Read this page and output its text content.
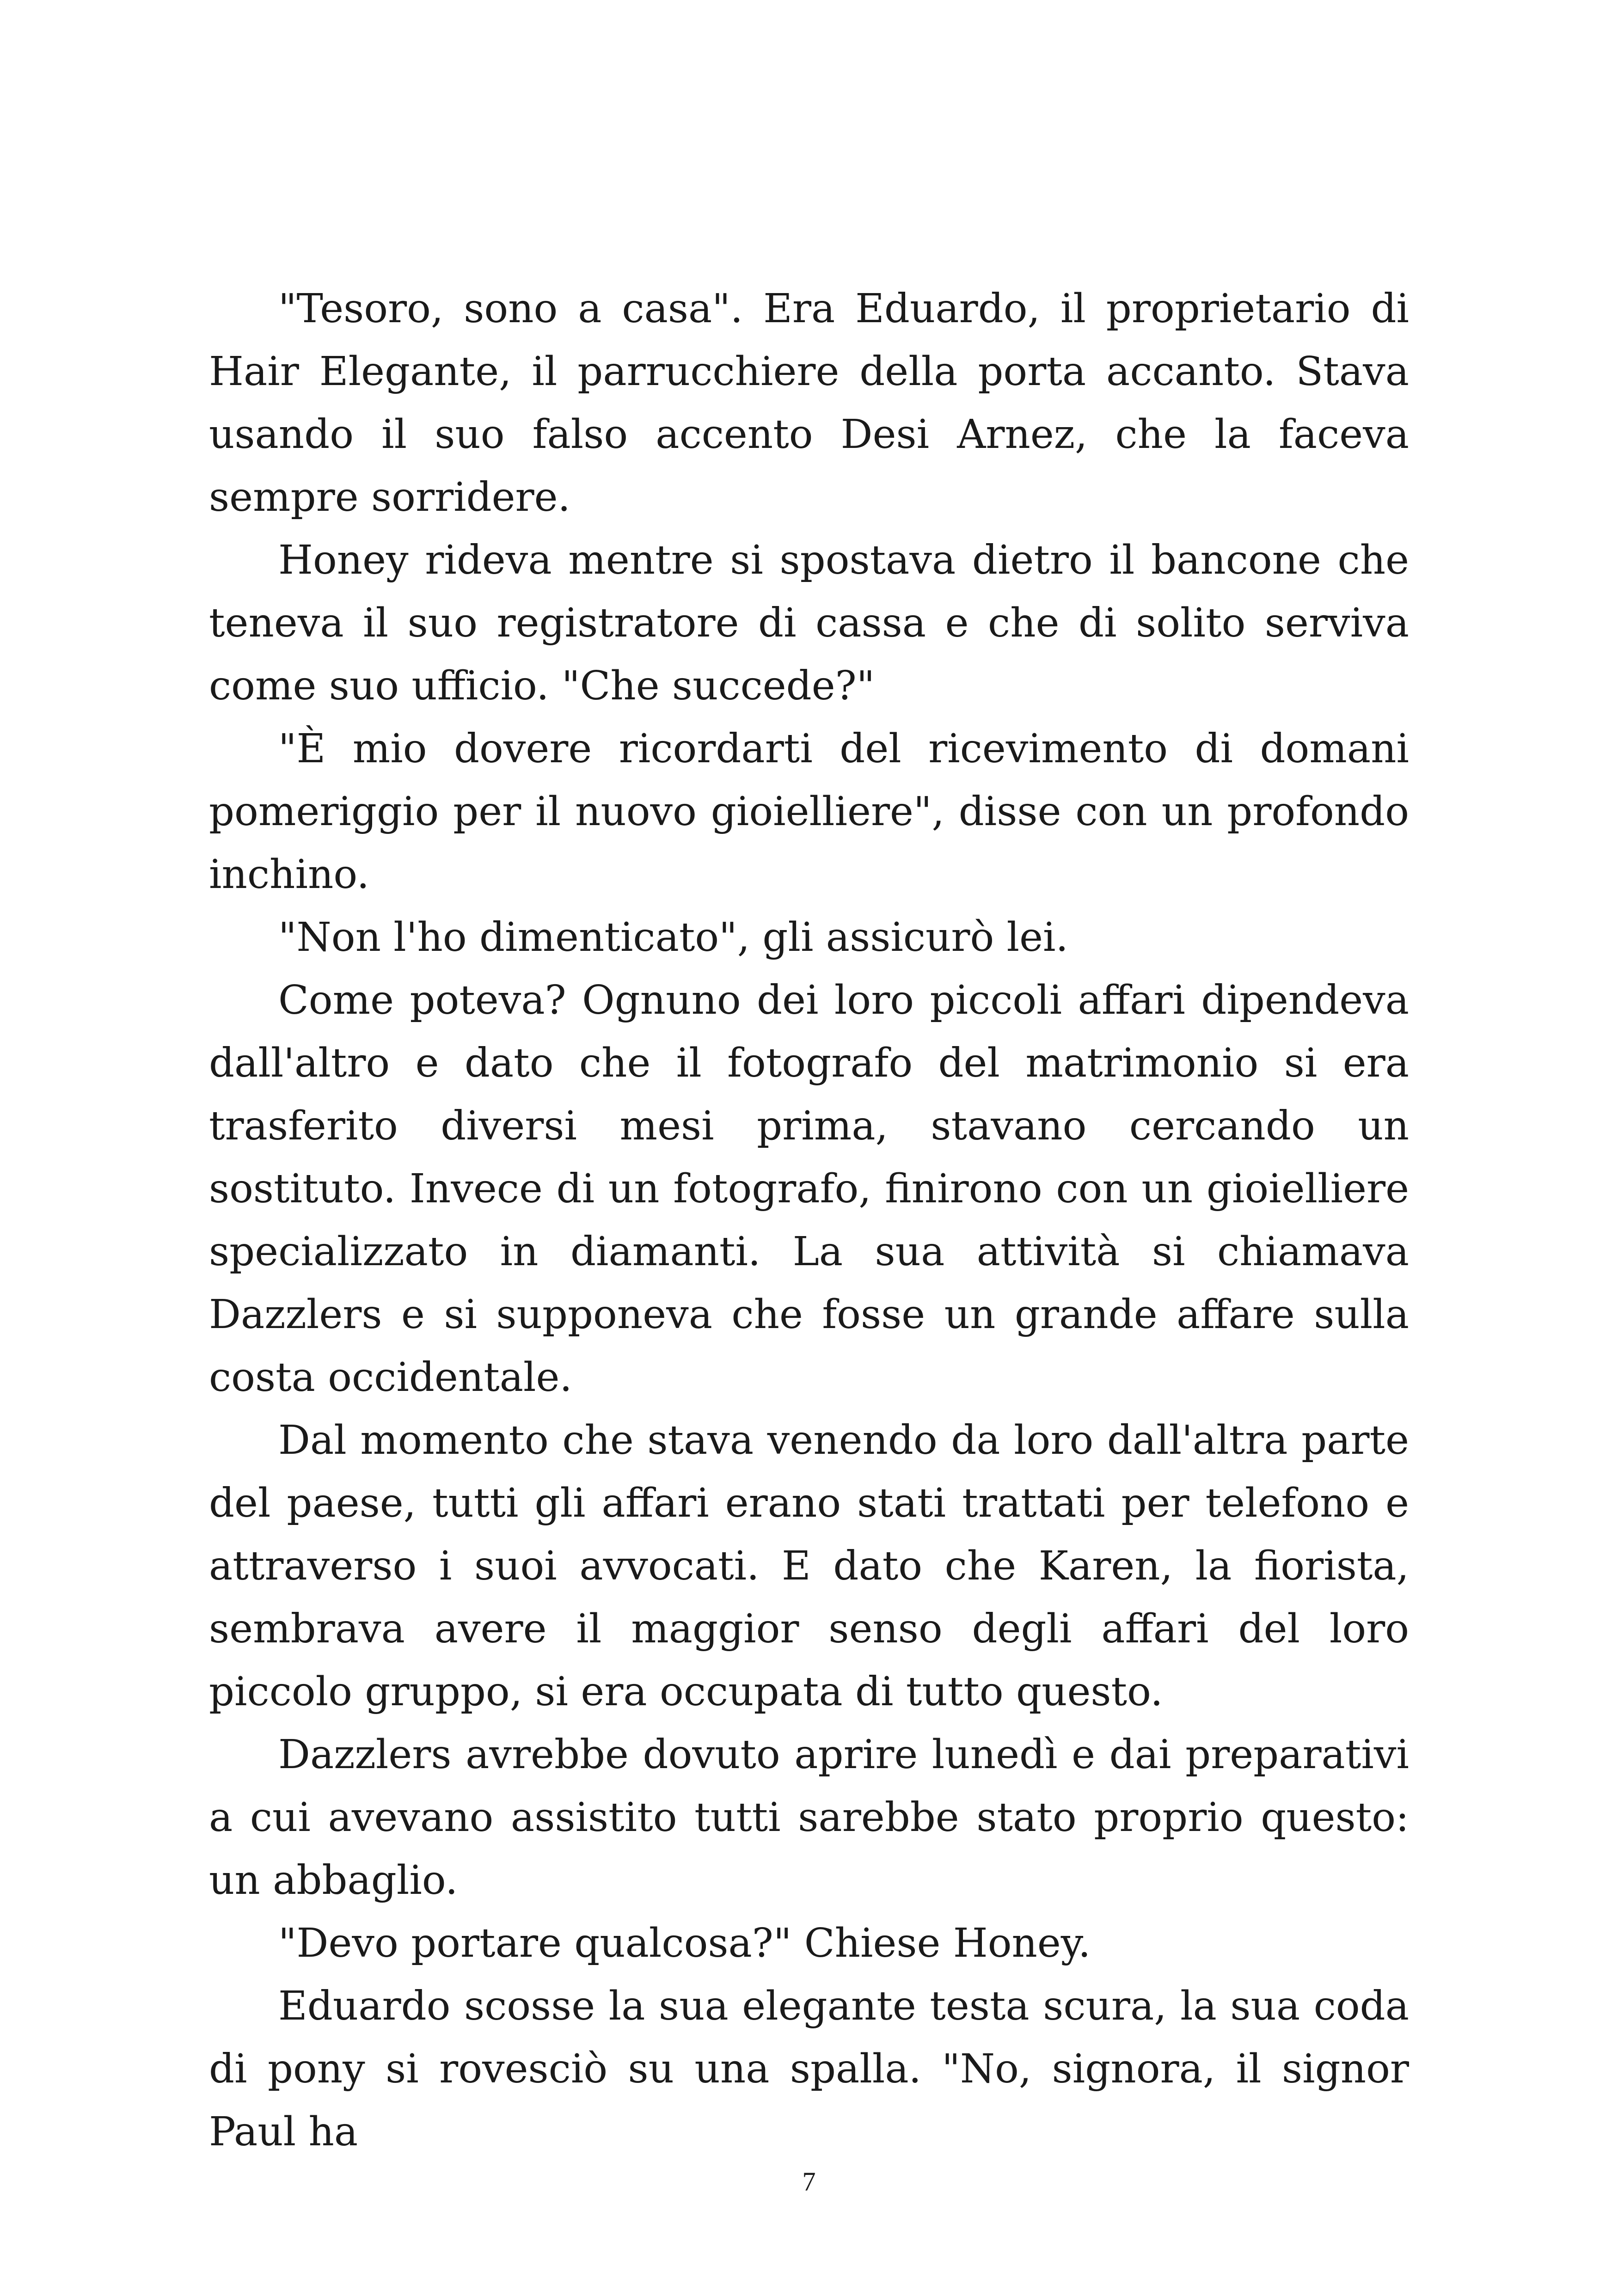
"Tesoro, sono a casa". Era Eduardo, il proprietario di Hair Elegante, il parrucchiere della porta accanto. Stava usando il suo falso accento Desi Arnez, che la faceva sempre sorridere.

Honey rideva mentre si spostava dietro il bancone che teneva il suo registratore di cassa e che di solito serviva come suo ufficio. "Che succede?"

"È mio dovere ricordarti del ricevimento di domani pomeriggio per il nuovo gioielliere", disse con un profondo inchino.

"Non l'ho dimenticato", gli assicurò lei.

Come poteva? Ognuno dei loro piccoli affari dipendeva dall'altro e dato che il fotografo del matrimonio si era trasferito diversi mesi prima, stavano cercando un sostituto. Invece di un fotografo, finirono con un gioielliere specializzato in diamanti. La sua attività si chiamava Dazzlers e si supponeva che fosse un grande affare sulla costa occidentale.

Dal momento che stava venendo da loro dall'altra parte del paese, tutti gli affari erano stati trattati per telefono e attraverso i suoi avvocati. E dato che Karen, la fiorista, sembrava avere il maggior senso degli affari del loro piccolo gruppo, si era occupata di tutto questo.

Dazzlers avrebbe dovuto aprire lunedì e dai preparativi a cui avevano assistito tutti sarebbe stato proprio questo: un abbaglio.

"Devo portare qualcosa?" Chiese Honey.

Eduardo scosse la sua elegante testa scura, la sua coda di pony si rovesciò su una spalla. "No, signora, il signor Paul ha

7
